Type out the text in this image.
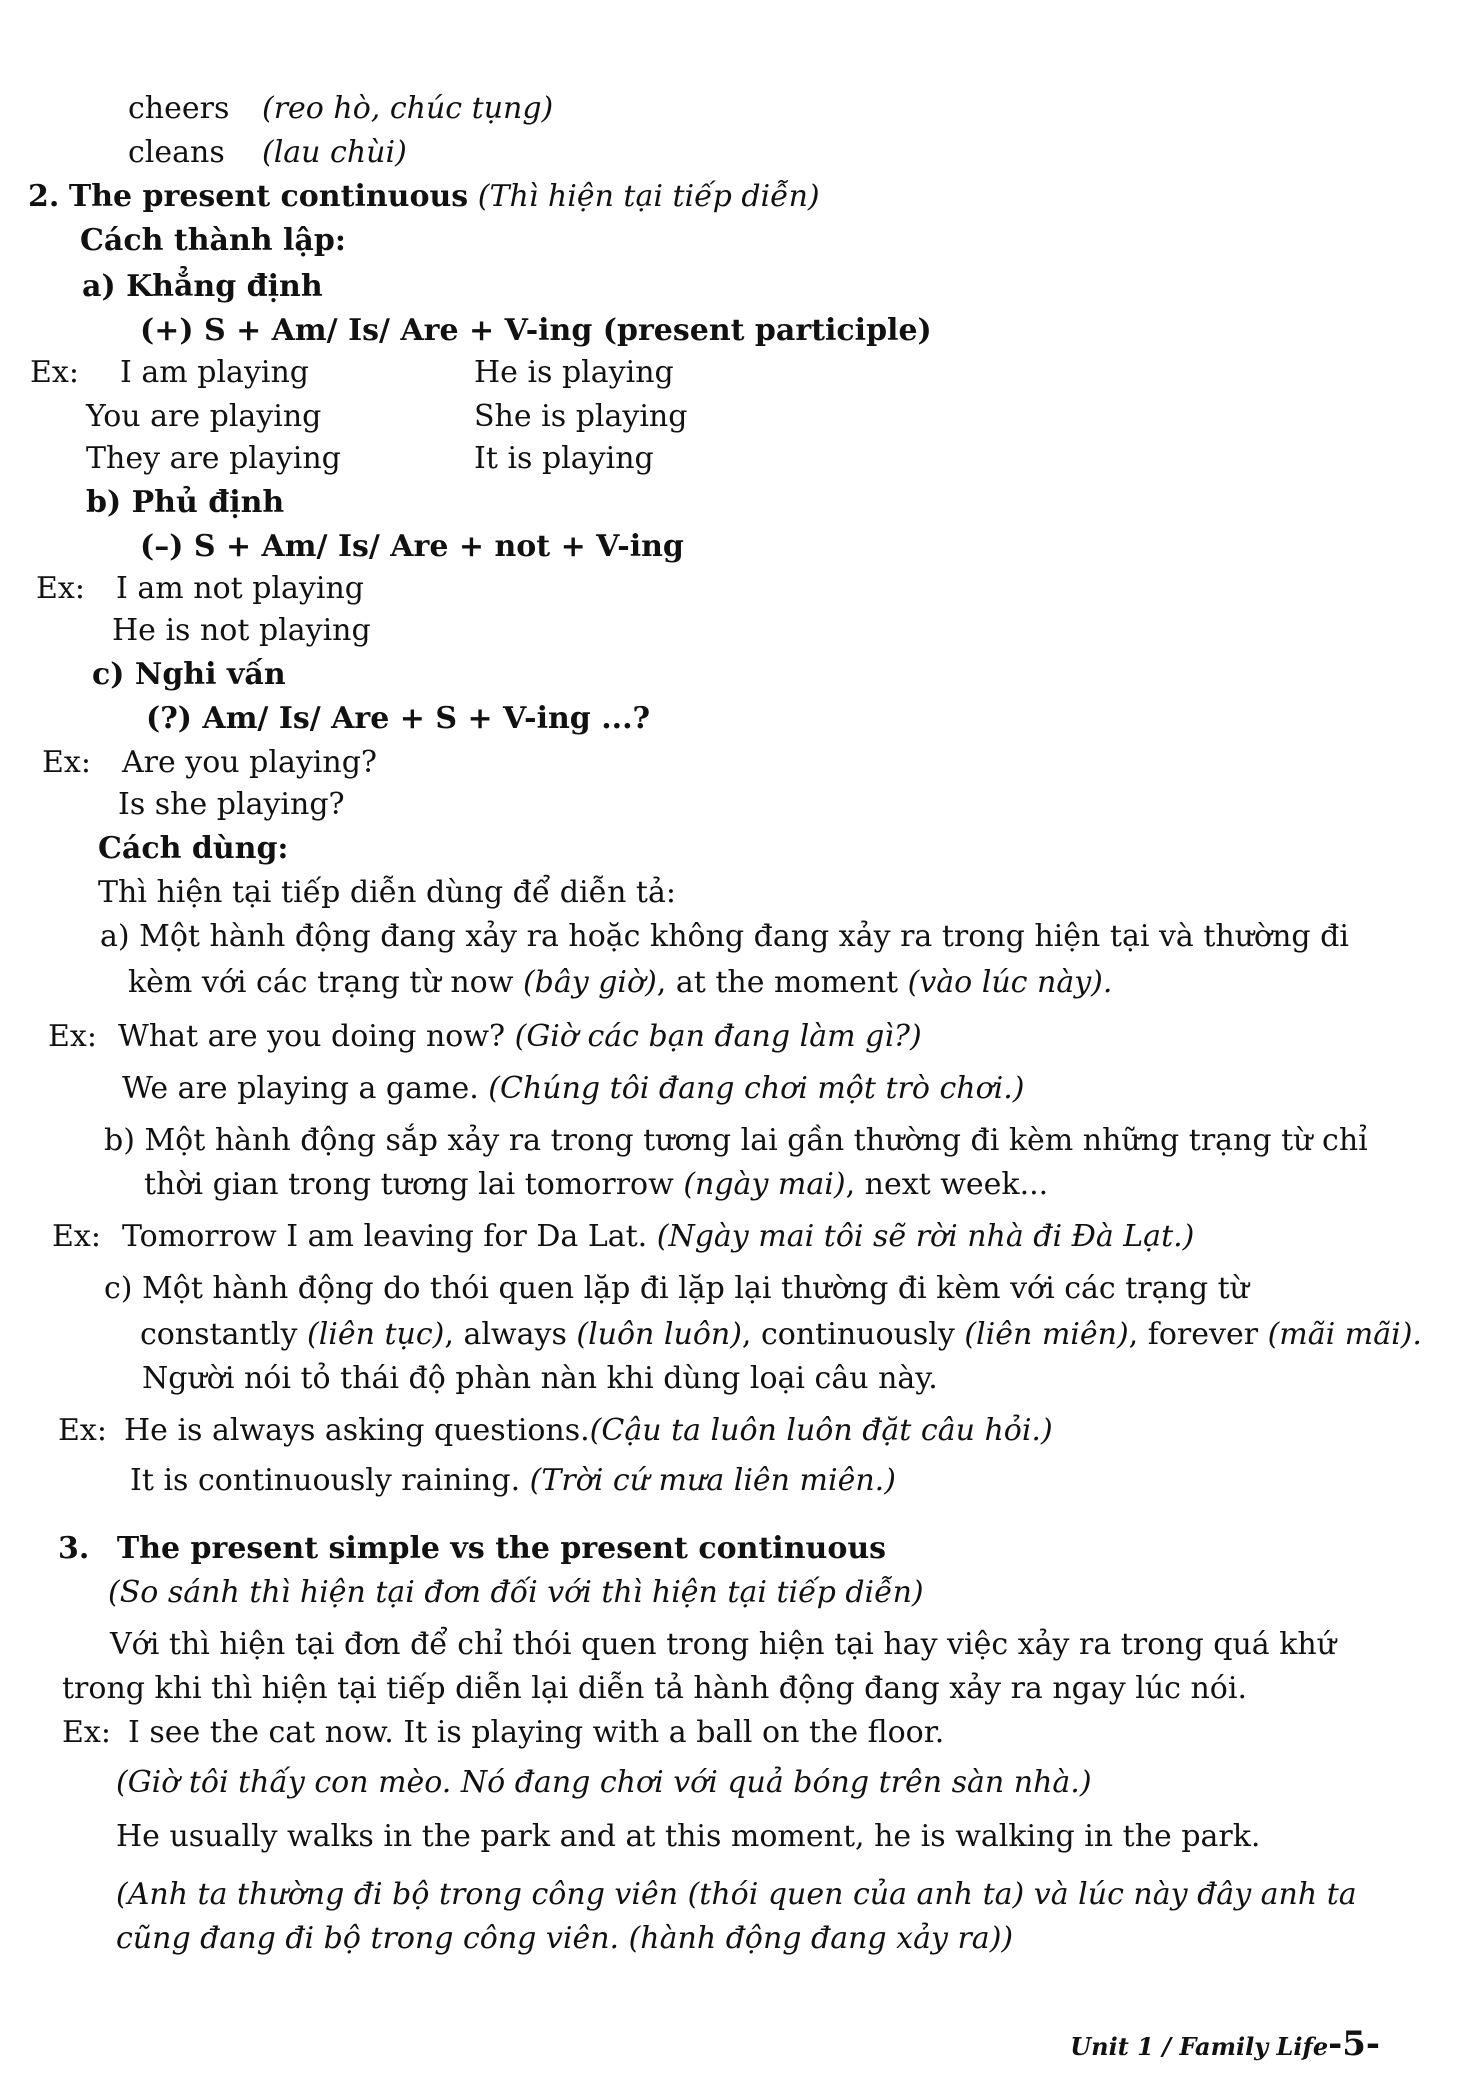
cheers (reo hò, chúc tụng)
cleans (lau chùi)
2. The present continuous (Thì hiện tại tiếp diễn)
Cách thành lập:
a) Khẳng định
(+) S + Am/ Is/ Are + V-ing (present participle)
Ex: I am playing	He is playing
You are playing	She is playing
They are playing	It is playing
b) Phủ định
(–) S + Am/ Is/ Are + not + V-ing
Ex: I am not playing
He is not playing
c) Nghi vấn
(?) Am/ Is/ Are + S + V-ing ...?
Ex: Are you playing?
Is she playing?
Cách dùng:
Thì hiện tại tiếp diễn dùng để diễn tả:
a) Một hành động đang xảy ra hoặc không đang xảy ra trong hiện tại và thường đi
kèm với các trạng từ now (bây giờ), at the moment (vào lúc này).
Ex: What are you doing now? (Giờ các bạn đang làm gì?)
We are playing a game. (Chúng tôi đang chơi một trò chơi.)
b) Một hành động sắp xảy ra trong tương lai gần thường đi kèm những trạng từ chỉ
thời gian trong tương lai tomorrow (ngày mai), next week...
Ex: Tomorrow I am leaving for Da Lat. (Ngày mai tôi sẽ rời nhà đi Đà Lạt.)
c) Một hành động do thói quen lặp đi lặp lại thường đi kèm với các trạng từ
constantly (liên tục), always (luôn luôn), continuously (liên miên), forever (mãi mãi).
Người nói tỏ thái độ phàn nàn khi dùng loại câu này.
Ex: He is always asking questions.(Cậu ta luôn luôn đặt câu hỏi.)
It is continuously raining. (Trời cứ mưa liên miên.)
3. The present simple vs the present continuous
(So sánh thì hiện tại đơn đối với thì hiện tại tiếp diễn)
Với thì hiện tại đơn để chỉ thói quen trong hiện tại hay việc xảy ra trong quá khứ
trong khi thì hiện tại tiếp diễn lại diễn tả hành động đang xảy ra ngay lúc nói.
Ex: I see the cat now. It is playing with a ball on the floor.
(Giờ tôi thấy con mèo. Nó đang chơi với quả bóng trên sàn nhà.)
He usually walks in the park and at this moment, he is walking in the park.
(Anh ta thường đi bộ trong công viên (thói quen của anh ta) và lúc này đây anh ta
cũng đang đi bộ trong công viên. (hành động đang xảy ra))
Unit 1 / Family Life-5-
